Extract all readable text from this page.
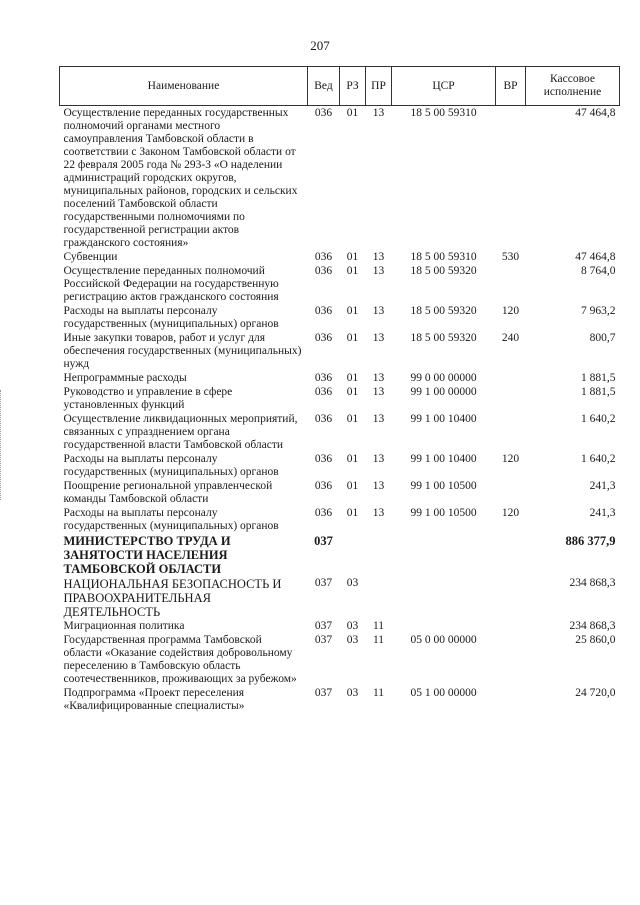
207
Наименование	Вед	РЗ	ПР	ЦСР	ВР	Кассовое исполнение
Осуществление переданных государственных полномочий органами местного самоуправления Тамбовской области в соответствии с Законом Тамбовской области от 22 февраля 2005 года № 293-З «О наделении администраций городских округов, муниципальных районов, городских и сельских поселений Тамбовской области государственными полномочиями по государственной регистрации актов гражданского состояния»	036	01	13	18 5 00 59310		47 464,8
Субвенции	036	01	13	18 5 00 59310	530	47 464,8
Осуществление переданных полномочий Российской Федерации на государственную регистрацию актов гражданского состояния	036	01	13	18 5 00 59320		8 764,0
Расходы на выплаты персоналу государственных (муниципальных) органов	036	01	13	18 5 00 59320	120	7 963,2
Иные закупки товаров, работ и услуг для обеспечения государственных (муниципальных) нужд	036	01	13	18 5 00 59320	240	800,7
Непрограммные расходы	036	01	13	99 0 00 00000		1 881,5
Руководство и управление в сфере установленных функций	036	01	13	99 1 00 00000		1 881,5
Осуществление ликвидационных мероприятий, связанных с упразднением органа государственной власти Тамбовской области	036	01	13	99 1 00 10400		1 640,2
Расходы на выплаты персоналу государственных (муниципальных) органов	036	01	13	99 1 00 10400	120	1 640,2
Поощрение региональной управленческой команды Тамбовской области	036	01	13	99 1 00 10500		241,3
Расходы на выплаты персоналу государственных (муниципальных) органов	036	01	13	99 1 00 10500	120	241,3
МИНИСТЕРСТВО ТРУДА И ЗАНЯТОСТИ НАСЕЛЕНИЯ ТАМБОВСКОЙ ОБЛАСТИ	037					886 377,9
НАЦИОНАЛЬНАЯ БЕЗОПАСНОСТЬ И ПРАВООХРАНИТЕЛЬНАЯ ДЕЯТЕЛЬНОСТЬ	037	03				234 868,3
Миграционная политика	037	03	11			234 868,3
Государственная программа Тамбовской области «Оказание содействия добровольному переселению в Тамбовскую область соотечественников, проживающих за рубежом»	037	03	11	05 0 00 00000		25 860,0
Подпрограмма «Проект переселения «Квалифицированные специалисты»	037	03	11	05 1 00 00000		24 720,0
